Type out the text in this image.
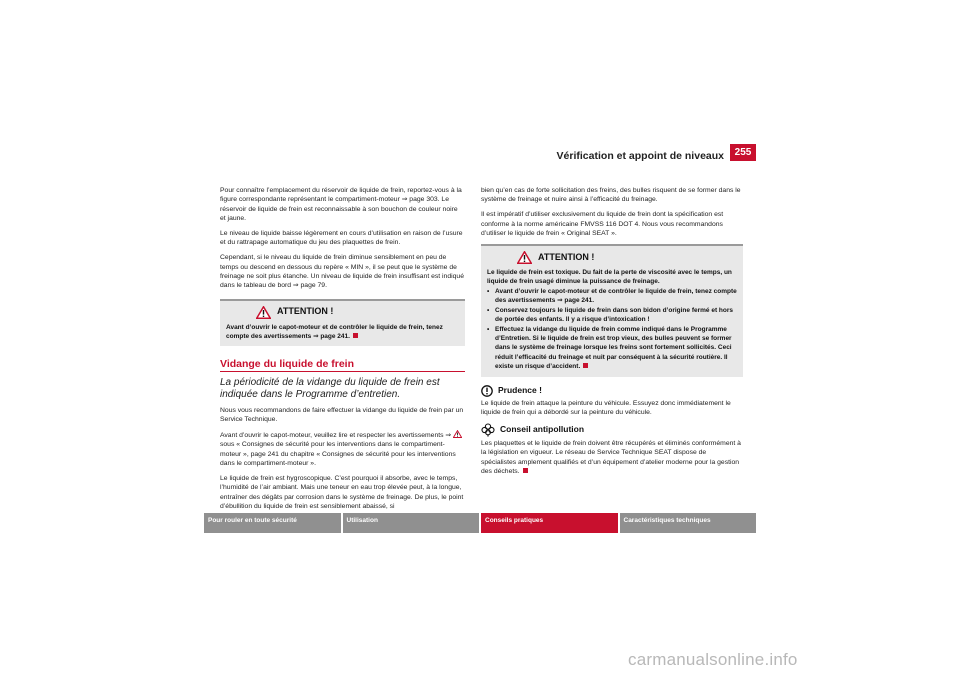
Vérification et appoint de niveaux	255

Pour connaître l’emplacement du réservoir de liquide de frein, reportez-vous à la figure correspondante représentant le compartiment-moteur ⇒ page 303. Le réservoir de liquide de frein est reconnaissable à son bouchon de couleur noire et jaune.

Le niveau de liquide baisse légèrement en cours d’utilisation en raison de l’usure et du rattrapage automatique du jeu des plaquettes de frein.

Cependant, si le niveau du liquide de frein diminue sensiblement en peu de temps ou descend en dessous du repère « MIN », il se peut que le système de freinage ne soit plus étanche. Un niveau de liquide de frein insuffisant est indiqué dans le tableau de bord ⇒ page 79.

ATTENTION !

Avant d’ouvrir le capot-moteur et de contrôler le liquide de frein, tenez compte des avertissements ⇒ page 241.

Vidange du liquide de frein

La périodicité de la vidange du liquide de frein est indiquée dans le Programme d’entretien.

Nous vous recommandons de faire effectuer la vidange du liquide de frein par un Service Technique.

Avant d’ouvrir le capot-moteur, veuillez lire et respecter les avertissements ⇒  sous « Consignes de sécurité pour les interventions dans le compartiment-moteur », page 241 du chapitre « Consignes de sécurité pour les interventions dans le compartiment-moteur ».

Le liquide de frein est hygroscopique. C’est pourquoi il absorbe, avec le temps, l’humidité de l’air ambiant. Mais une teneur en eau trop élevée peut, à la longue, entraîner des dégâts par corrosion dans le système de freinage. De plus, le point d’ébullition du liquide de frein est sensiblement abaissé, si

bien qu’en cas de forte sollicitation des freins, des bulles risquent de se former dans le système de freinage et nuire ainsi à l’efficacité du freinage.

Il est impératif d’utiliser exclusivement du liquide de frein dont la spécification est conforme à la norme américaine FMVSS 116 DOT 4. Nous vous recommandons d’utiliser le liquide de frein « Original SEAT ».

ATTENTION !

Le liquide de frein est toxique. Du fait de la perte de viscosité avec le temps, un liquide de frein usagé diminue la puissance de freinage.

• Avant d’ouvrir le capot-moteur et de contrôler le liquide de frein, tenez compte des avertissements ⇒ page 241.
• Conservez toujours le liquide de frein dans son bidon d’origine fermé et hors de portée des enfants. Il y a risque d’intoxication !
• Effectuez la vidange du liquide de frein comme indiqué dans le Programme d’Entretien. Si le liquide de frein est trop vieux, des bulles peuvent se former dans le système de freinage lorsque les freins sont fortement sollicités. Ceci réduit l’efficacité du freinage et nuit par conséquent à la sécurité routière. Il existe un risque d’accident.
Prudence !

Le liquide de frein attaque la peinture du véhicule. Essuyez donc immédiatement le liquide de frein qui a débordé sur la peinture du véhicule.

Conseil antipollution

Les plaquettes et le liquide de frein doivent être récupérés et éliminés conformément à la législation en vigueur. Le réseau de Service Technique SEAT dispose de spécialistes amplement qualifiés et d’un équipement d’atelier moderne pour la gestion des déchets.

Pour rouler en toute sécurité	Utilisation	Conseils pratiques	Caractéristiques techniques
carmanualsonline.info
